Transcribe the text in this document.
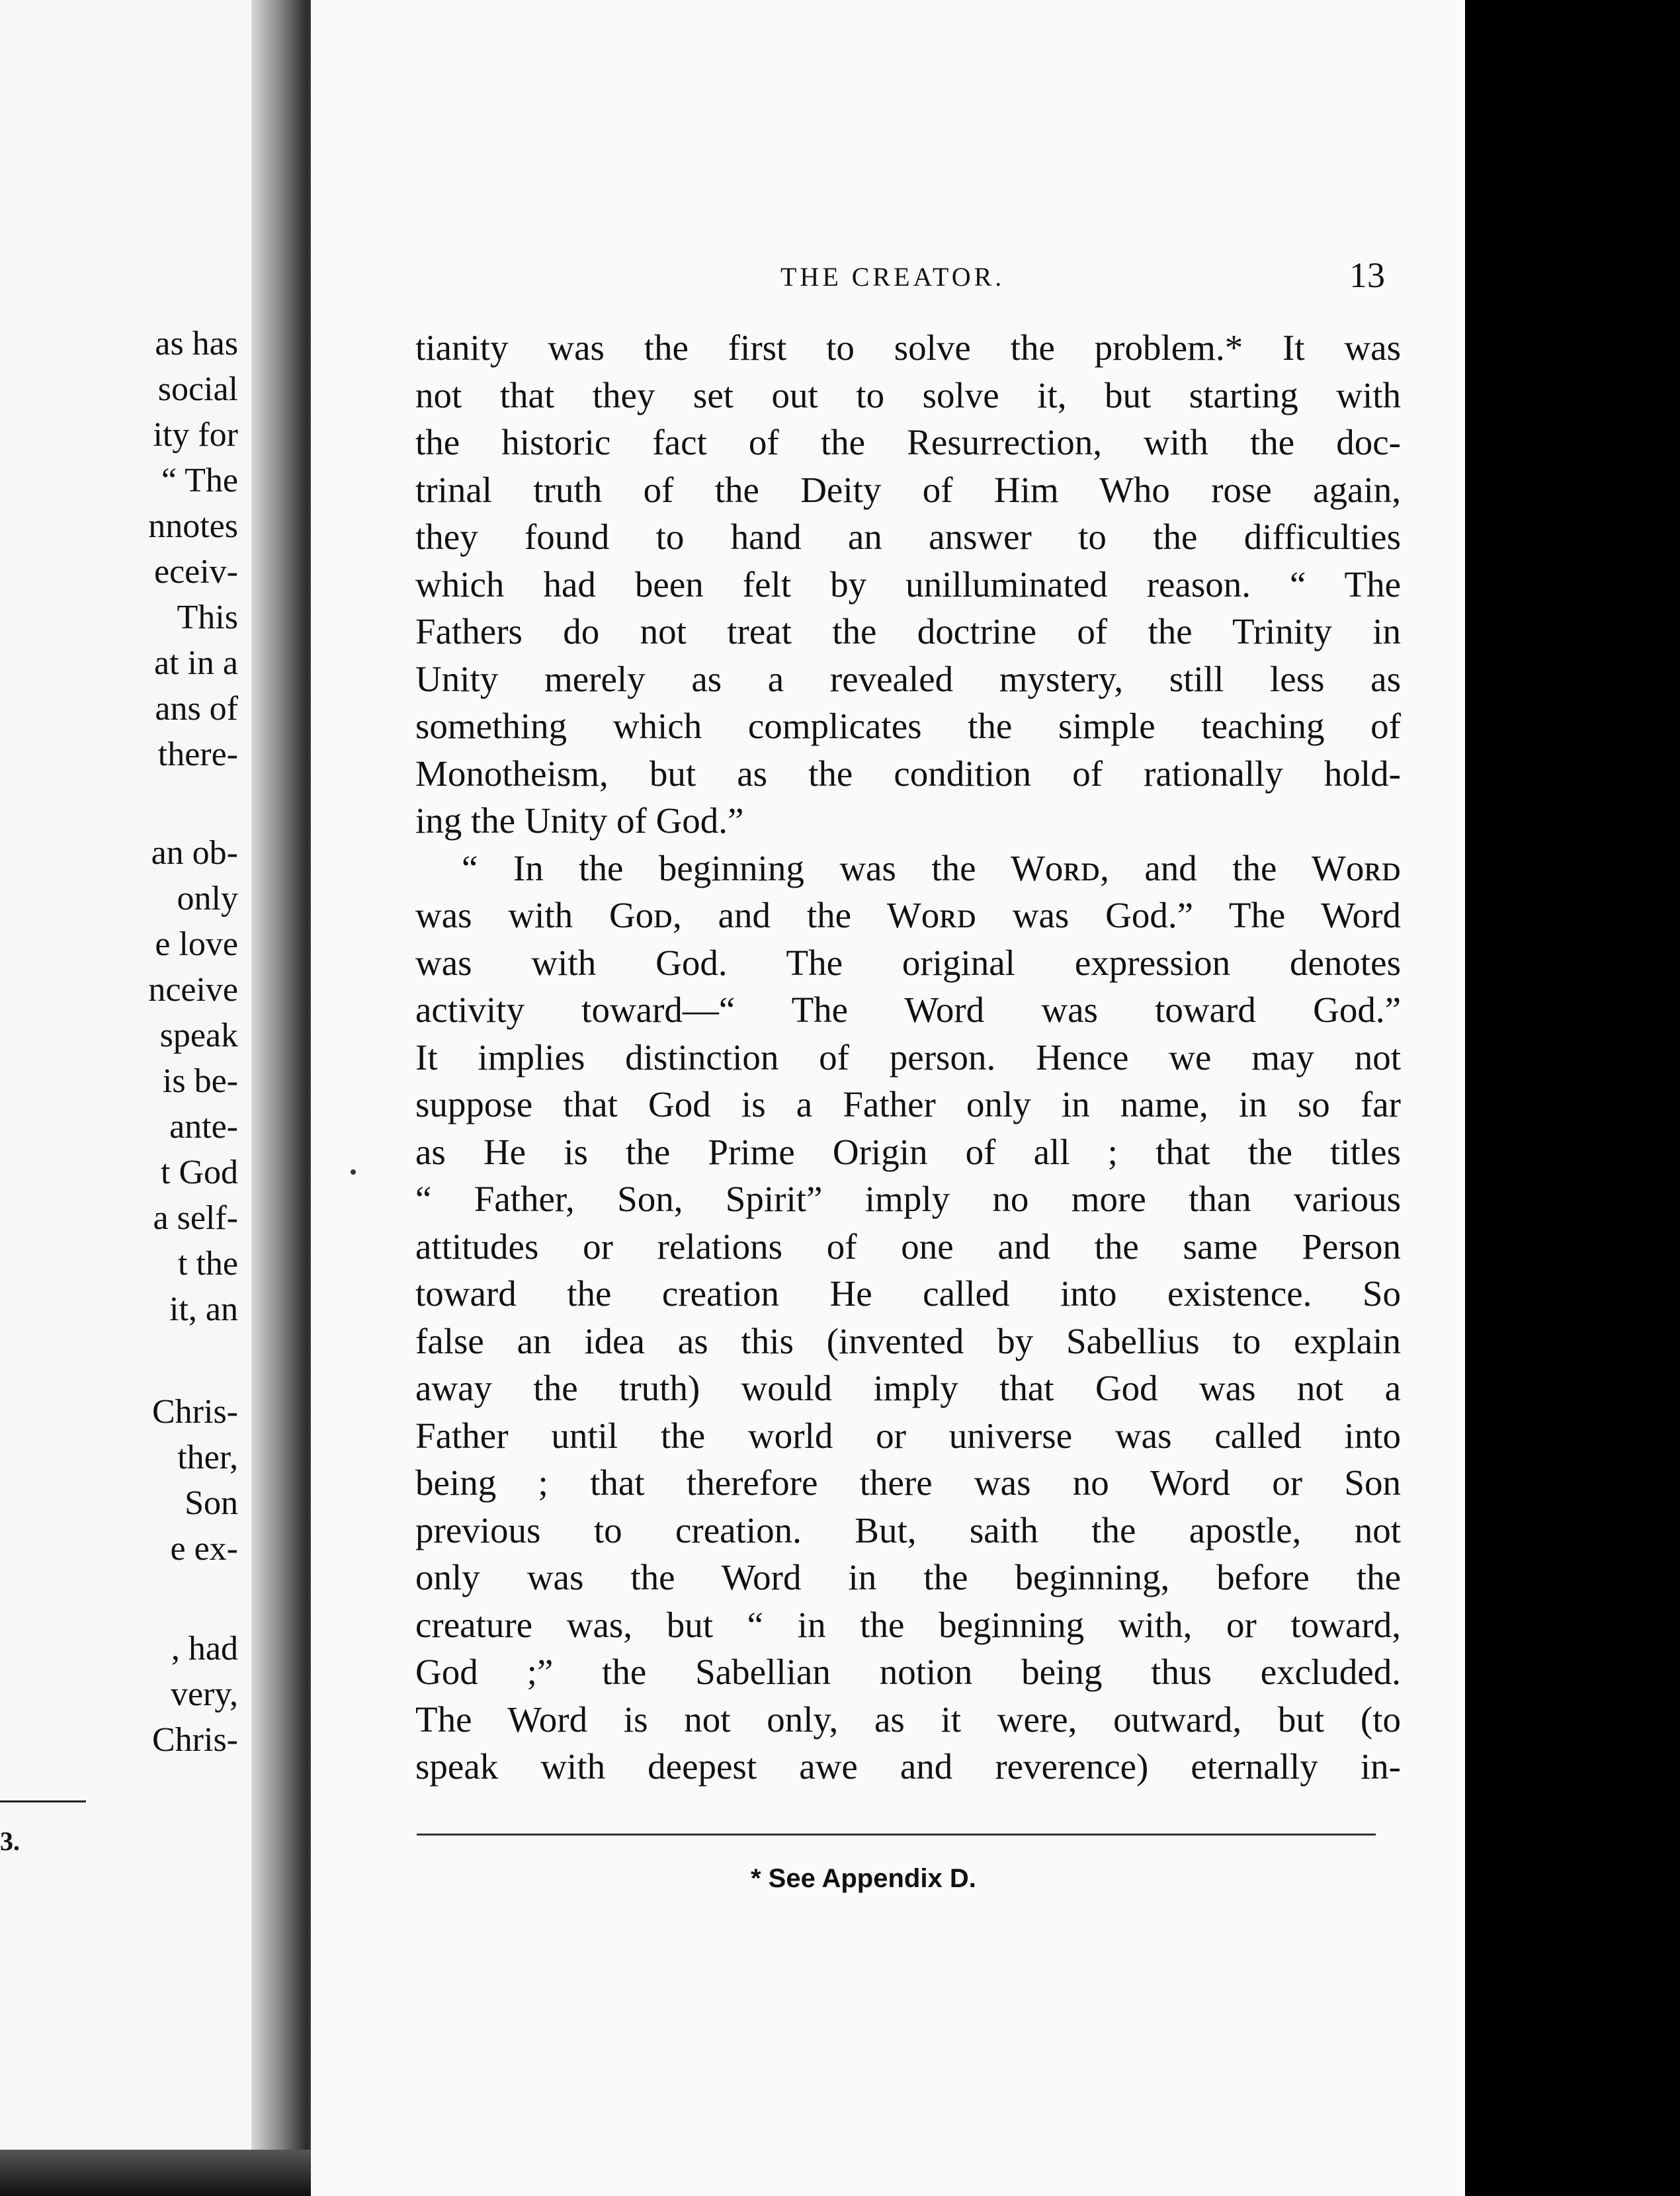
as has
social
ity for
“ The
nnotes
eceiv-
This
at in a
ans of
there-
an ob-
only
e love
nceive
speak
is be-
ante-
t God
a self-
t the
it, an
Chris-
ther,
Son
e ex-
, had
very,
Chris-
3.
THE CREATOR.	13
tianity was the first to solve the problem.* It was
not that they set out to solve it, but starting with
the historic fact of the Resurrection, with the doc-
trinal truth of the Deity of Him Who rose again,
they found to hand an answer to the difficulties
which had been felt by unilluminated reason. “ The
Fathers do not treat the doctrine of the Trinity in
Unity merely as a revealed mystery, still less as
something which complicates the simple teaching of
Monotheism, but as the condition of rationally hold-
ing the Unity of God.”
“ In the beginning was the Wᴏʀᴅ, and the Wᴏʀᴅ
was with Gᴏᴅ, and the Wᴏʀᴅ was God.” The Word
was with God. The original expression denotes
activity toward—“ The Word was toward God.”
It implies distinction of person. Hence we may not
suppose that God is a Father only in name, in so far
as He is the Prime Origin of all ; that the titles
“ Father, Son, Spirit” imply no more than various
attitudes or relations of one and the same Person
toward the creation He called into existence. So
false an idea as this (invented by Sabellius to explain
away the truth) would imply that God was not a
Father until the world or universe was called into
being ; that therefore there was no Word or Son
previous to creation. But, saith the apostle, not
only was the Word in the beginning, before the
creature was, but “ in the beginning with, or toward,
God ;” the Sabellian notion being thus excluded.
The Word is not only, as it were, outward, but (to
speak with deepest awe and reverence) eternally in-
* See Appendix D.
